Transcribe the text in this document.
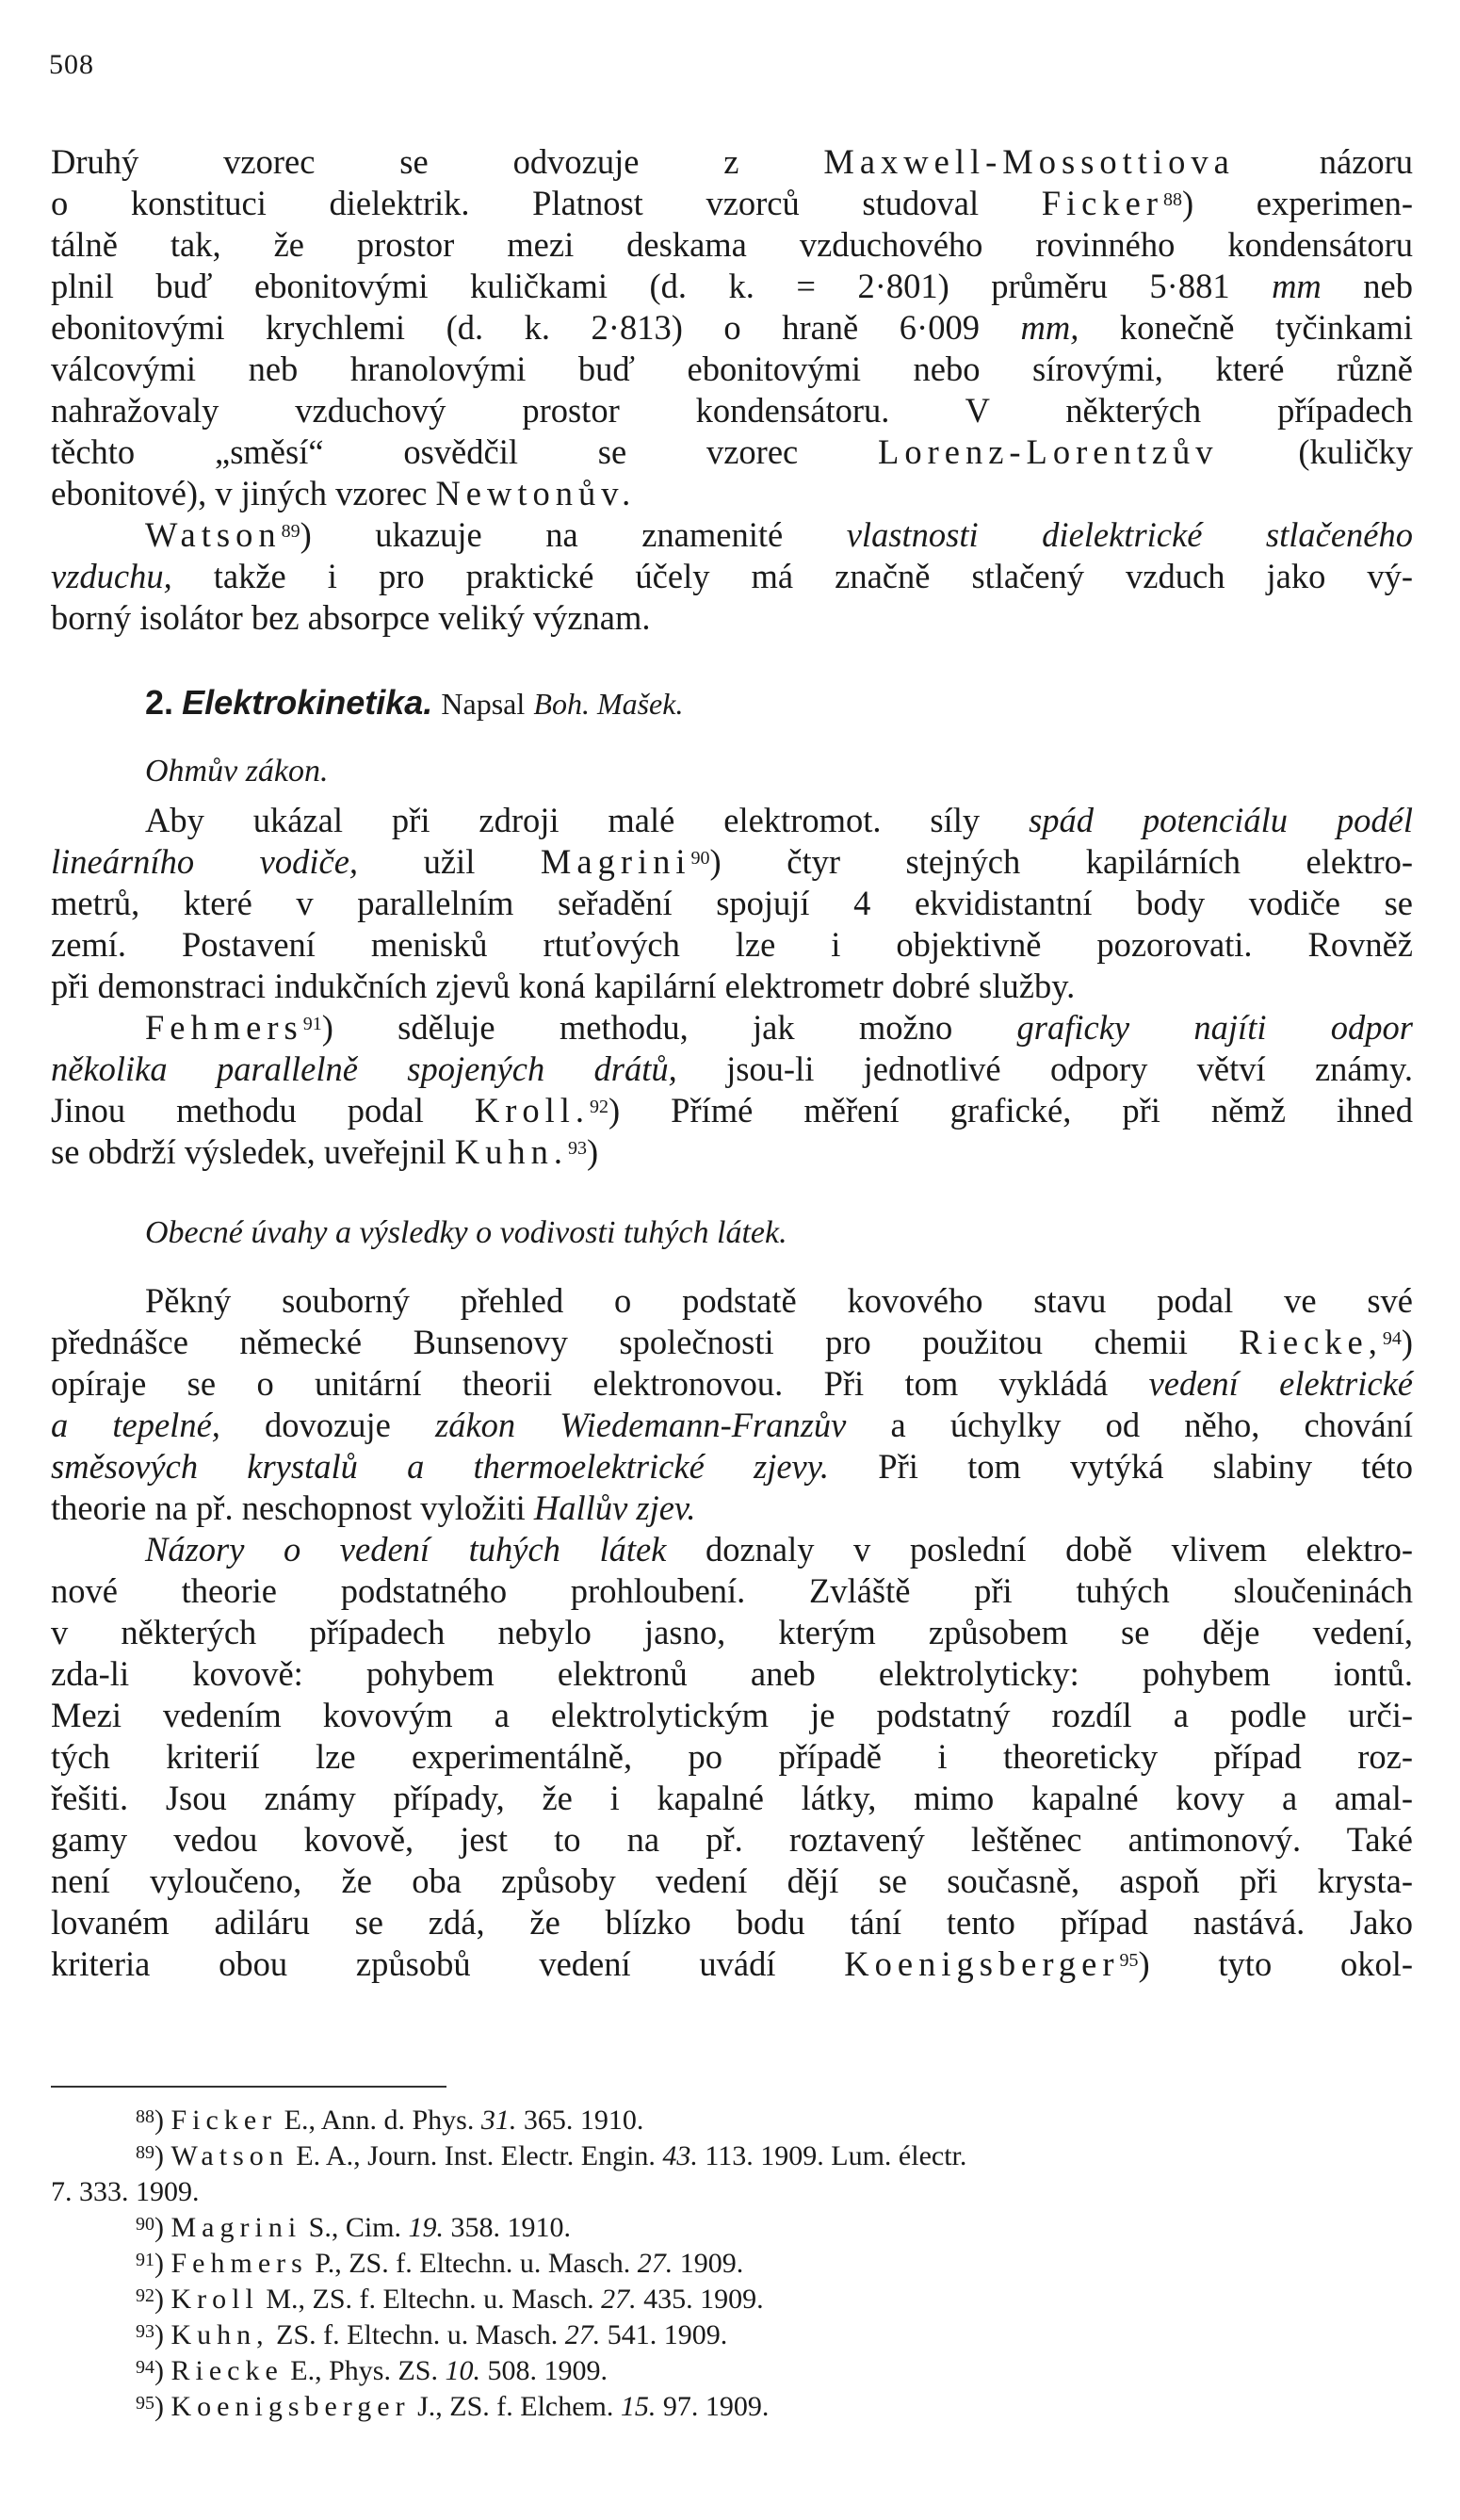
508
Druhý vzorec se odvozuje z Maxwell-Mossottiova názoru
o konstituci dielektrik. Platnost vzorců studoval Ficker$^{88}$) experimen-
tálně tak, že prostor mezi deskama vzduchového rovinného kondensátoru
plnil buď ebonitovými kuličkami (d. k. = 2·801) průměru 5·881 mm neb
ebonitovými krychlemi (d. k. 2·813) o hraně 6·009 mm, konečně tyčinkami
válcovými neb hranolovými buď ebonitovými nebo sírovými, které různě
nahražovaly vzduchový prostor kondensátoru. V některých případech
těchto „směsí“ osvědčil se vzorec Lorenz-Lorentzův (kuličky
ebonitové), v jiných vzorec Newtonův.
Watson$^{89}$) ukazuje na znamenité vlastnosti dielektrické stlačeného
vzduchu, takže i pro praktické účely má značně stlačený vzduch jako vý-
borný isolátor bez absorpce veliký význam.
2. Elektrokinetika. Napsal Boh. Mašek.
Ohmův zákon.
Aby ukázal při zdroji malé elektromot. síly spád potenciálu podél
lineárního vodiče, užil Magrini$^{90}$) čtyr stejných kapilárních elektro-
metrů, které v parallelním seřadění spojují 4 ekvidistantní body vodiče se
zemí. Postavení menisků rtuťových lze i objektivně pozorovati. Rovněž
při demonstraci indukčních zjevů koná kapilární elektrometr dobré služby.
Fehmers$^{91}$) sděluje methodu, jak možno graficky najíti odpor
několika parallelně spojených drátů, jsou-li jednotlivé odpory větví známy.
Jinou methodu podal Kroll.$^{92}$) Přímé měření grafické, při němž ihned
se obdrží výsledek, uveřejnil Kuhn.$^{93}$)
Obecné úvahy a výsledky o vodivosti tuhých látek.
Pěkný souborný přehled o podstatě kovového stavu podal ve své
přednášce německé Bunsenovy společnosti pro použitou chemii Riecke,$^{94}$)
opíraje se o unitární theorii elektronovou. Při tom vykládá vedení elektrické
a tepelné, dovozuje zákon Wiedemann-Franzův a úchylky od něho, chování
směsových krystalů a thermoelektrické zjevy. Při tom vytýká slabiny této
theorie na př. neschopnost vyložiti Hallův zjev.
Názory o vedení tuhých látek doznaly v poslední době vlivem elektro-
nové theorie podstatného prohloubení. Zvláště při tuhých sloučeninách
v některých případech nebylo jasno, kterým způsobem se děje vedení,
zda-li kovově: pohybem elektronů aneb elektrolyticky: pohybem iontů.
Mezi vedením kovovým a elektrolytickým je podstatný rozdíl a podle urči-
tých kriterií lze experimentálně, po případě i theoreticky případ roz-
řešiti. Jsou známy případy, že i kapalné látky, mimo kapalné kovy a amal-
gamy vedou kovově, jest to na př. roztavený leštěnec antimonový. Také
není vyloučeno, že oba způsoby vedení dějí se současně, aspoň při krysta-
lovaném adiláru se zdá, že blízko bodu tání tento případ nastává. Jako
kriteria obou způsobů vedení uvádí Koenigsberger$^{95}$) tyto okol-
$^{88}$) Ficker E., Ann. d. Phys. 31. 365. 1910.
$^{89}$) Watson E. A., Journ. Inst. Electr. Engin. 43. 113. 1909. Lum. électr.
7. 333. 1909.
$^{90}$) Magrini S., Cim. 19. 358. 1910.
$^{91}$) Fehmers P., ZS. f. Eltechn. u. Masch. 27. 1909.
$^{92}$) Kroll M., ZS. f. Eltechn. u. Masch. 27. 435. 1909.
$^{93}$) Kuhn, ZS. f. Eltechn. u. Masch. 27. 541. 1909.
$^{94}$) Riecke E., Phys. ZS. 10. 508. 1909.
$^{95}$) Koenigsberger J., ZS. f. Elchem. 15. 97. 1909.
